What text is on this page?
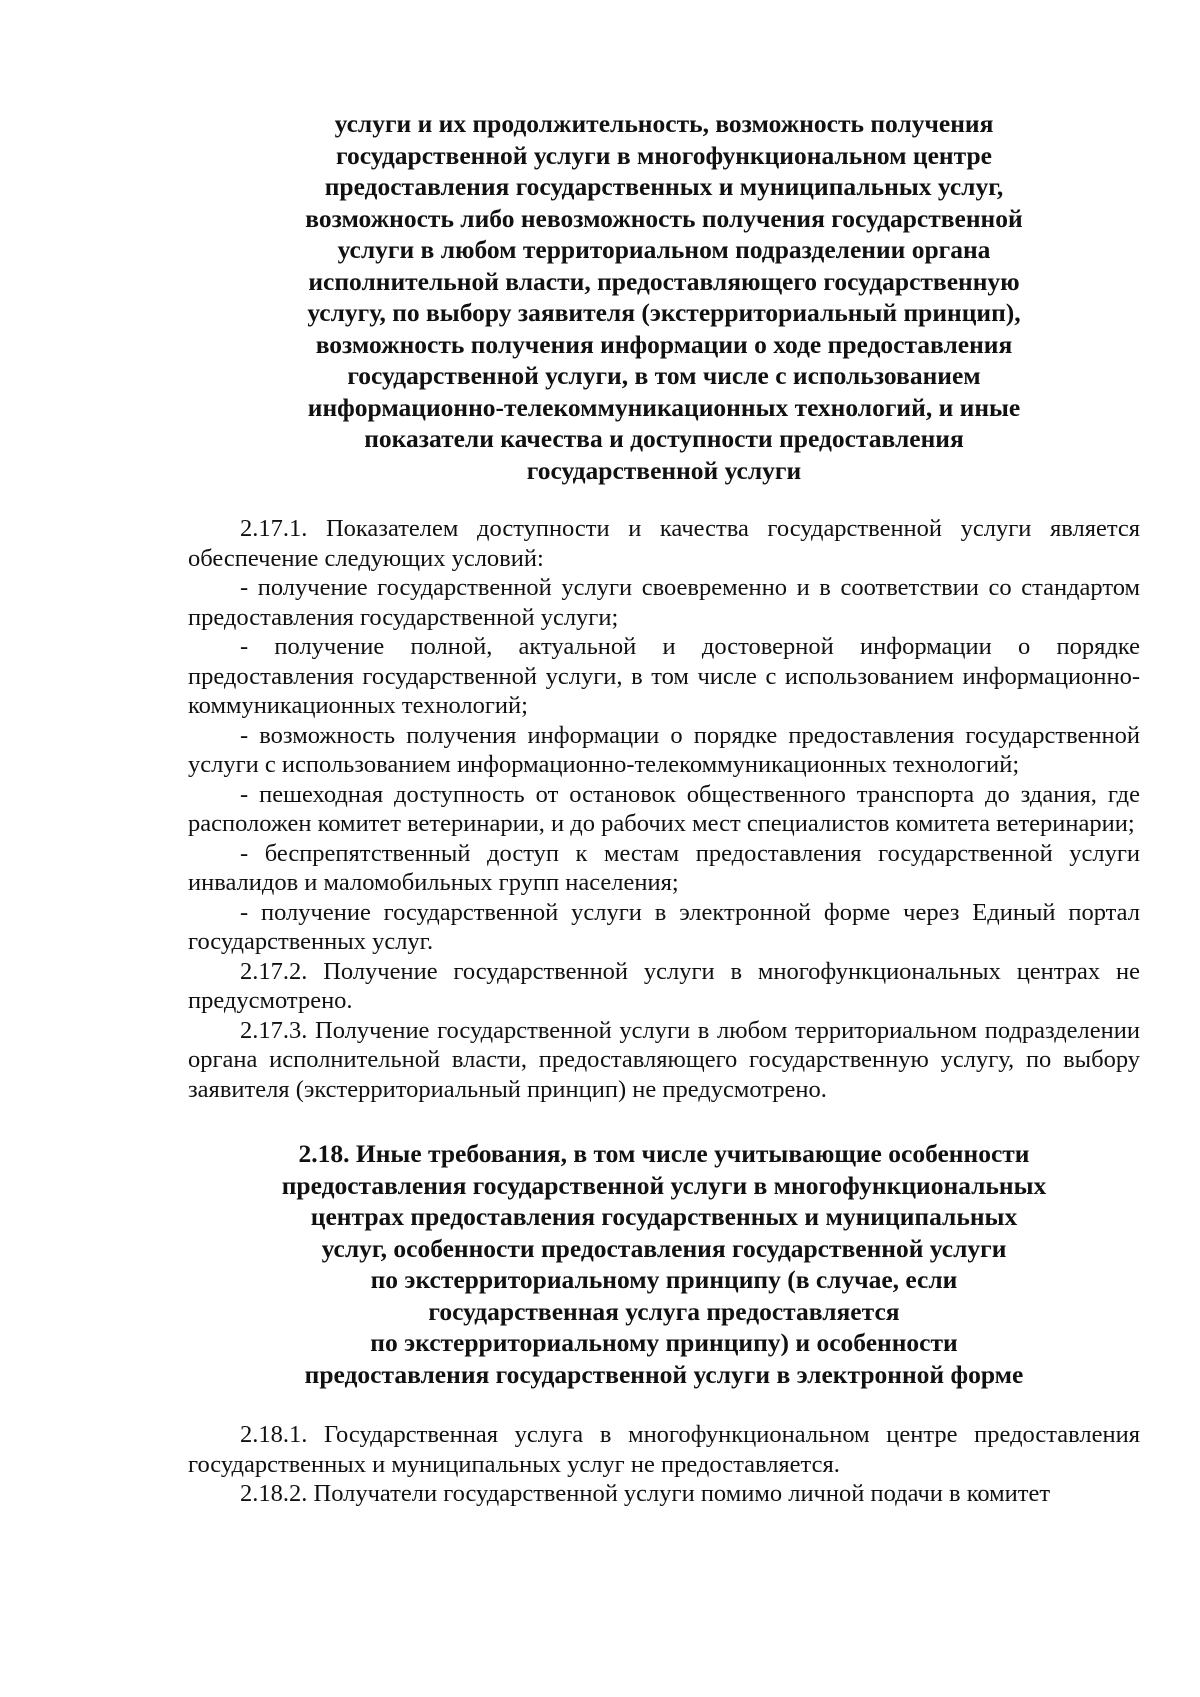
услуги и их продолжительность, возможность получения
государственной услуги в многофункциональном центре
предоставления государственных и муниципальных услуг,
возможность либо невозможность получения государственной
услуги в любом территориальном подразделении органа
исполнительной власти, предоставляющего государственную
услугу, по выбору заявителя (экстерриториальный принцип),
возможность получения информации о ходе предоставления
государственной услуги, в том числе с использованием
информационно-телекоммуникационных технологий, и иные
показатели качества и доступности предоставления
государственной услуги

2.17.1. Показателем доступности и качества государственной услуги является обеспечение следующих условий:

- получение государственной услуги своевременно и в соответствии со стандартом предоставления государственной услуги;

- получение полной, актуальной и достоверной информации о порядке предоставления государственной услуги, в том числе с использованием информационно-коммуникационных технологий;

- возможность получения информации о порядке предоставления государственной услуги с использованием информационно-телекоммуникационных технологий;

- пешеходная доступность от остановок общественного транспорта до здания, где расположен комитет ветеринарии, и до рабочих мест специалистов комитета ветеринарии;

- беспрепятственный доступ к местам предоставления государственной услуги инвалидов и маломобильных групп населения;

- получение государственной услуги в электронной форме через Единый портал государственных услуг.

2.17.2. Получение государственной услуги в многофункциональных центрах не предусмотрено.

2.17.3. Получение государственной услуги в любом территориальном подразделении органа исполнительной власти, предоставляющего государственную услугу, по выбору заявителя (экстерриториальный принцип) не предусмотрено.

2.18. Иные требования, в том числе учитывающие особенности
предоставления государственной услуги в многофункциональных
центрах предоставления государственных и муниципальных
услуг, особенности предоставления государственной услуги
по экстерриториальному принципу (в случае, если
государственная услуга предоставляется
по экстерриториальному принципу) и особенности
предоставления государственной услуги в электронной форме

2.18.1. Государственная услуга в многофункциональном центре предоставления государственных и муниципальных услуг не предоставляется.

2.18.2. Получатели государственной услуги помимо личной подачи в комитет
